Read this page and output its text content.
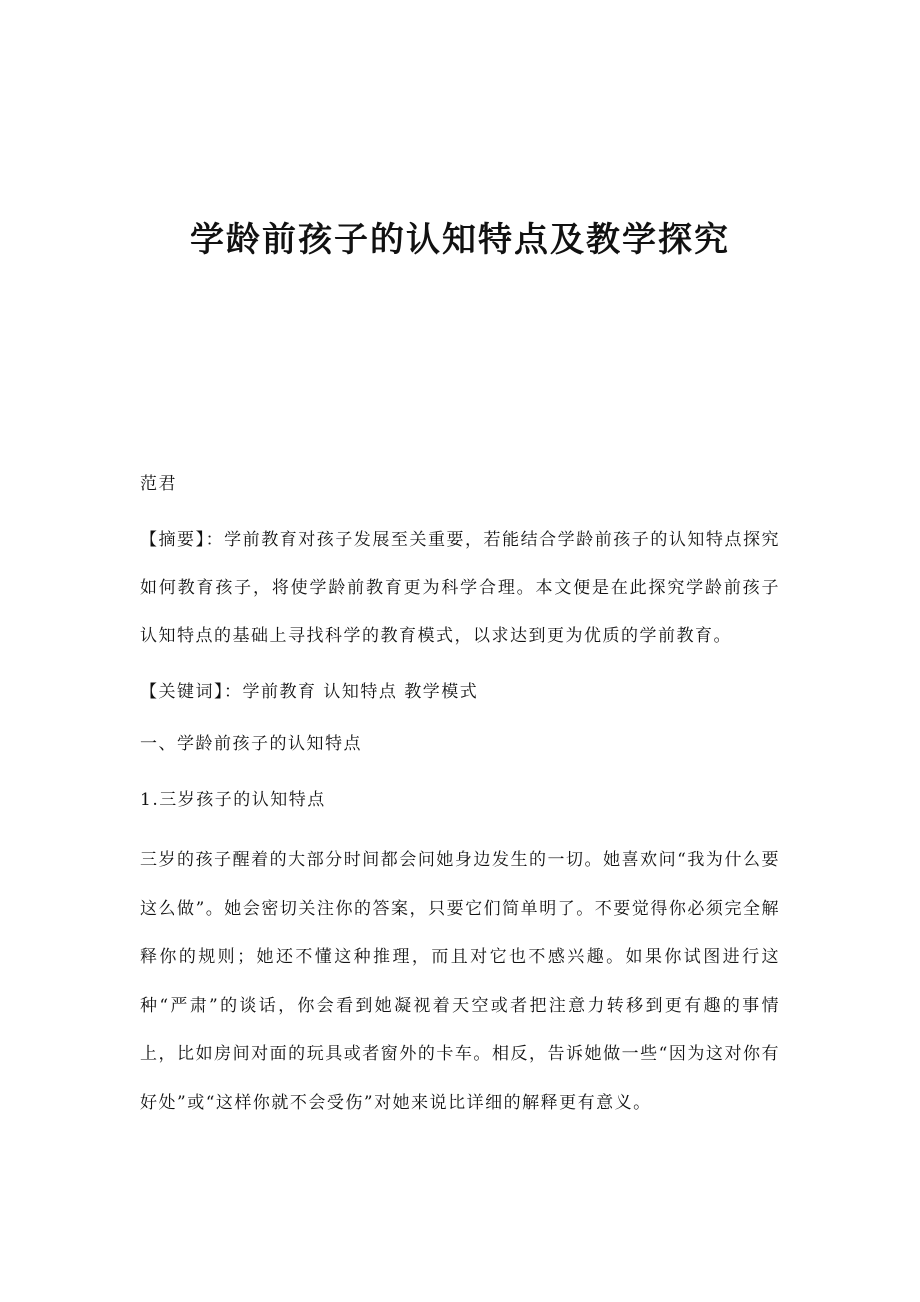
学龄前孩子的认知特点及教学探究
范君
【摘要】：学前教育对孩子发展至关重要，若能结合学龄前孩子的认知特点探究如何教育孩子，将使学龄前教育更为科学合理。本文便是在此探究学龄前孩子认知特点的基础上寻找科学的教育模式，以求达到更为优质的学前教育。
【关键词】：学前教育 认知特点 教学模式
一、学龄前孩子的认知特点
1.三岁孩子的认知特点
三岁的孩子醒着的大部分时间都会问她身边发生的一切。她喜欢问“我为什么要这么做”。她会密切关注你的答案，只要它们简单明了。不要觉得你必须完全解释你的规则；她还不懂这种推理，而且对它也不感兴趣。如果你试图进行这种“严肃”的谈话，你会看到她凝视着天空或者把注意力转移到更有趣的事情上，比如房间对面的玩具或者窗外的卡车。相反，告诉她做一些“因为这对你有好处”或“这样你就不会受伤”对她来说比详细的解释更有意义。
